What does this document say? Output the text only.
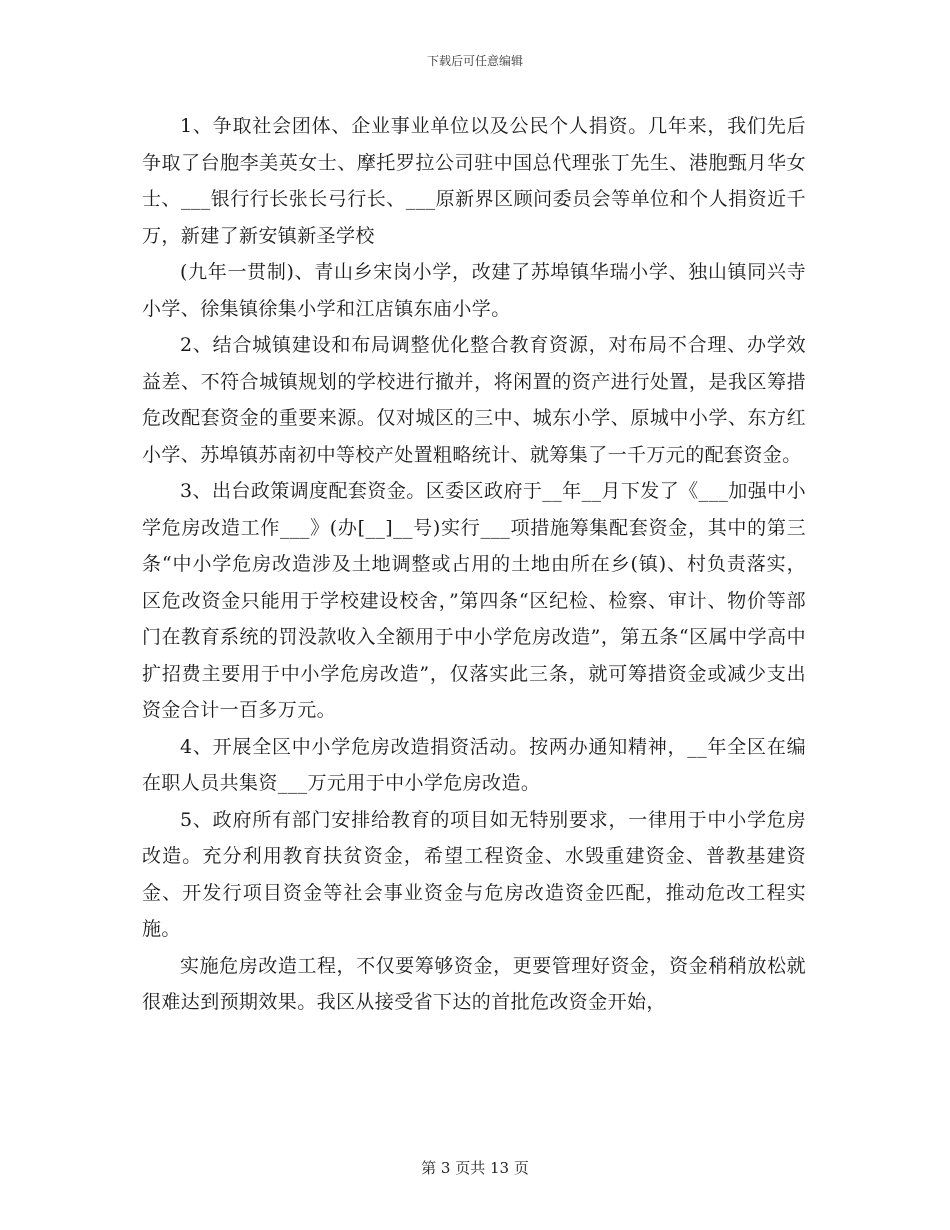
下载后可任意编辑

1、争取社会团体、企业事业单位以及公民个人捐资。几年来，我们先后争取了台胞李美英女士、摩托罗拉公司驻中国总代理张丁先生、港胞甄月华女士、___银行行长张长弓行长、___原新界区顾问委员会等单位和个人捐资近千万，新建了新安镇新圣学校

(九年一贯制)、青山乡宋岗小学，改建了苏埠镇华瑞小学、独山镇同兴寺小学、徐集镇徐集小学和江店镇东庙小学。

2、结合城镇建设和布局调整优化整合教育资源，对布局不合理、办学效益差、不符合城镇规划的学校进行撤并，将闲置的资产进行处置，是我区筹措危改配套资金的重要来源。仅对城区的三中、城东小学、原城中小学、东方红小学、苏埠镇苏南初中等校产处置粗略统计、就筹集了一千万元的配套资金。

3、出台政策调度配套资金。区委区政府于__年__月下发了《___加强中小学危房改造工作___》(办[__]__号)实行___项措施筹集配套资金，其中的第三条“中小学危房改造涉及土地调整或占用的土地由所在乡(镇)、村负责落实，区危改资金只能用于学校建设校舍，”第四条“区纪检、检察、审计、物价等部门在教育系统的罚没款收入全额用于中小学危房改造”，第五条“区属中学高中扩招费主要用于中小学危房改造”，仅落实此三条，就可筹措资金或减少支出资金合计一百多万元。

4、开展全区中小学危房改造捐资活动。按两办通知精神，__年全区在编在职人员共集资___万元用于中小学危房改造。

5、政府所有部门安排给教育的项目如无特别要求，一律用于中小学危房改造。充分利用教育扶贫资金，希望工程资金、水毁重建资金、普教基建资金、开发行项目资金等社会事业资金与危房改造资金匹配，推动危改工程实施。

实施危房改造工程，不仅要筹够资金，更要管理好资金，资金稍稍放松就很难达到预期效果。我区从接受省下达的首批危改资金开始，

第 3 页共 13 页
